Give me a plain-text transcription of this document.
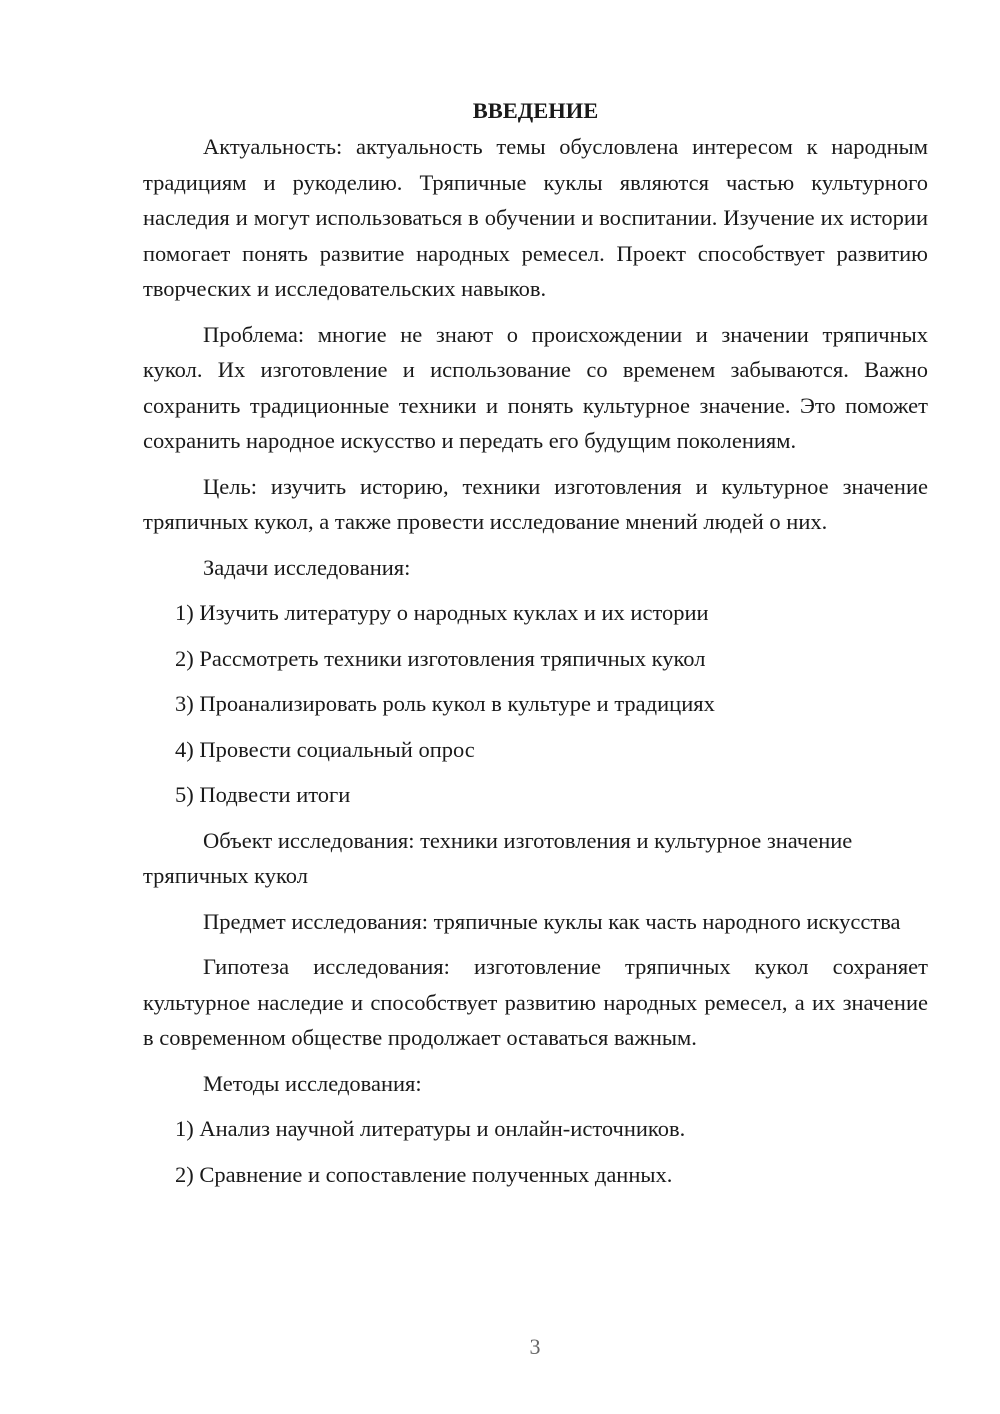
ВВЕДЕНИЕ

Актуальность: актуальность темы обусловлена интересом к народным традициям и рукоделию. Тряпичные куклы являются частью культурного наследия и могут использоваться в обучении и воспитании. Изучение их истории помогает понять развитие народных ремесел. Проект способствует развитию творческих и исследовательских навыков.

Проблема: многие не знают о происхождении и значении тряпичных кукол. Их изготовление и использование со временем забываются. Важно сохранить традиционные техники и понять культурное значение. Это поможет сохранить народное искусство и передать его будущим поколениям.

Цель: изучить историю, техники изготовления и культурное значение тряпичных кукол, а также провести исследование мнений людей о них.

Задачи исследования:

1) Изучить литературу о народных куклах и их истории
2) Рассмотреть техники изготовления тряпичных кукол
3) Проанализировать роль кукол в культуре и традициях
4) Провести социальный опрос
5) Подвести итоги

Объект исследования: техники изготовления и культурное значение тряпичных кукол

Предмет исследования: тряпичные куклы как часть народного искусства

Гипотеза исследования: изготовление тряпичных кукол сохраняет культурное наследие и способствует развитию народных ремесел, а их значение в современном обществе продолжает оставаться важным.

Методы исследования:

1) Анализ научной литературы и онлайн-источников.
2) Сравнение и сопоставление полученных данных.
3
